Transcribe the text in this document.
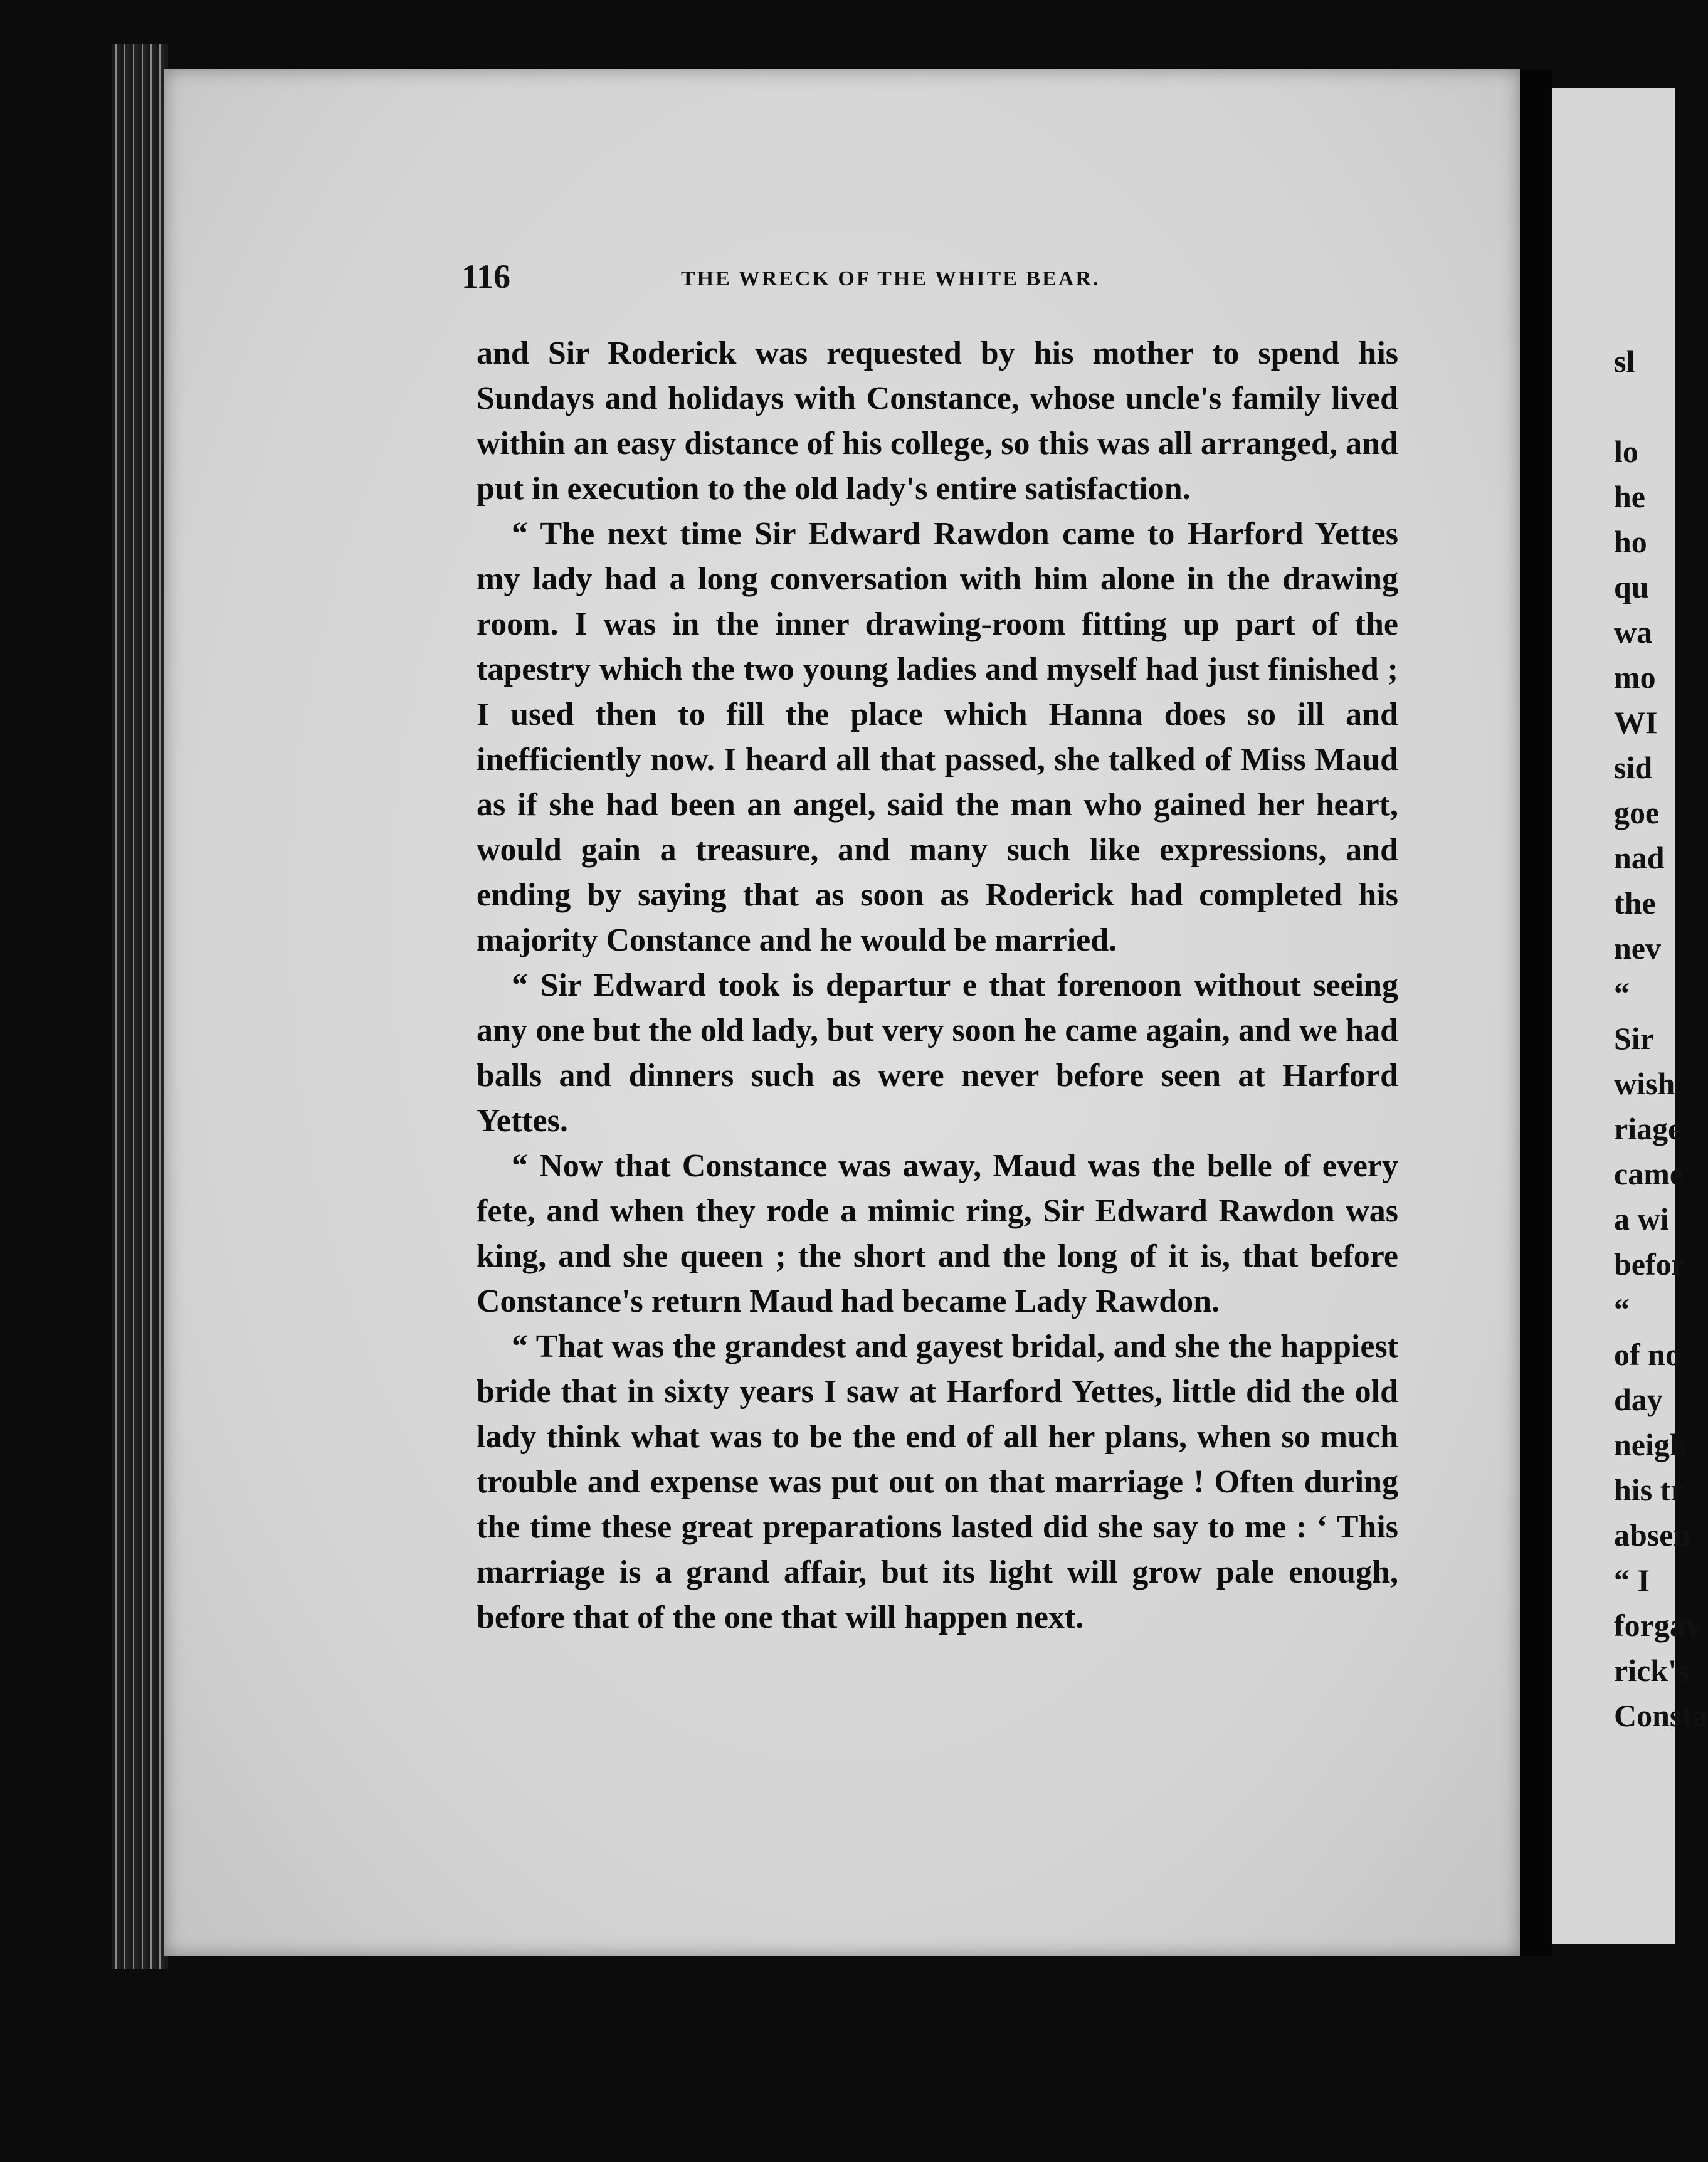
116	THE WRECK OF THE WHITE BEAR.

and Sir Roderick was requested by his mother to spend his Sundays and holidays with Constance, whose uncle's family lived within an easy distance of his college, so this was all arranged, and put in execution to the old lady's entire satisfaction.

“ The next time Sir Edward Rawdon came to Harford Yettes my lady had a long conversation with him alone in the drawing room. I was in the inner drawing-room fitting up part of the tapestry which the two young ladies and myself had just finished ; I used then to fill the place which Hanna does so ill and inefficiently now. I heard all that passed, she talked of Miss Maud as if she had been an angel, said the man who gained her heart, would gain a treasure, and many such like expressions, and ending by saying that as soon as Roderick had completed his majority Constance and he would be married.

“ Sir Edward took is departur e that forenoon without seeing any one but the old lady, but very soon he came again, and we had balls and dinners such as were never before seen at Harford Yettes.

“ Now that Constance was away, Maud was the belle of every fete, and when they rode a mimic ring, Sir Edward Rawdon was king, and she queen ; the short and the long of it is, that before Constance's return Maud had became Lady Rawdon.

“ That was the grandest and gayest bridal, and she the happiest bride that in sixty years I saw at Harford Yettes, little did the old lady think what was to be the end of all her plans, when so much trouble and expense was put out on that marriage ! Often during the time these great preparations lasted did she say to me : ‘ This marriage is a grand affair, but its light will grow pale enough, before that of the one that will happen next.

sl
lo
he
ho
qu
wa
mo
WI
sid
goe
nad
the
nev
“
Sir
wish
riage
came
a wi
befor
“
of no
day
neigh
his tr
absen
“ I
forgav
rick's
Consta
